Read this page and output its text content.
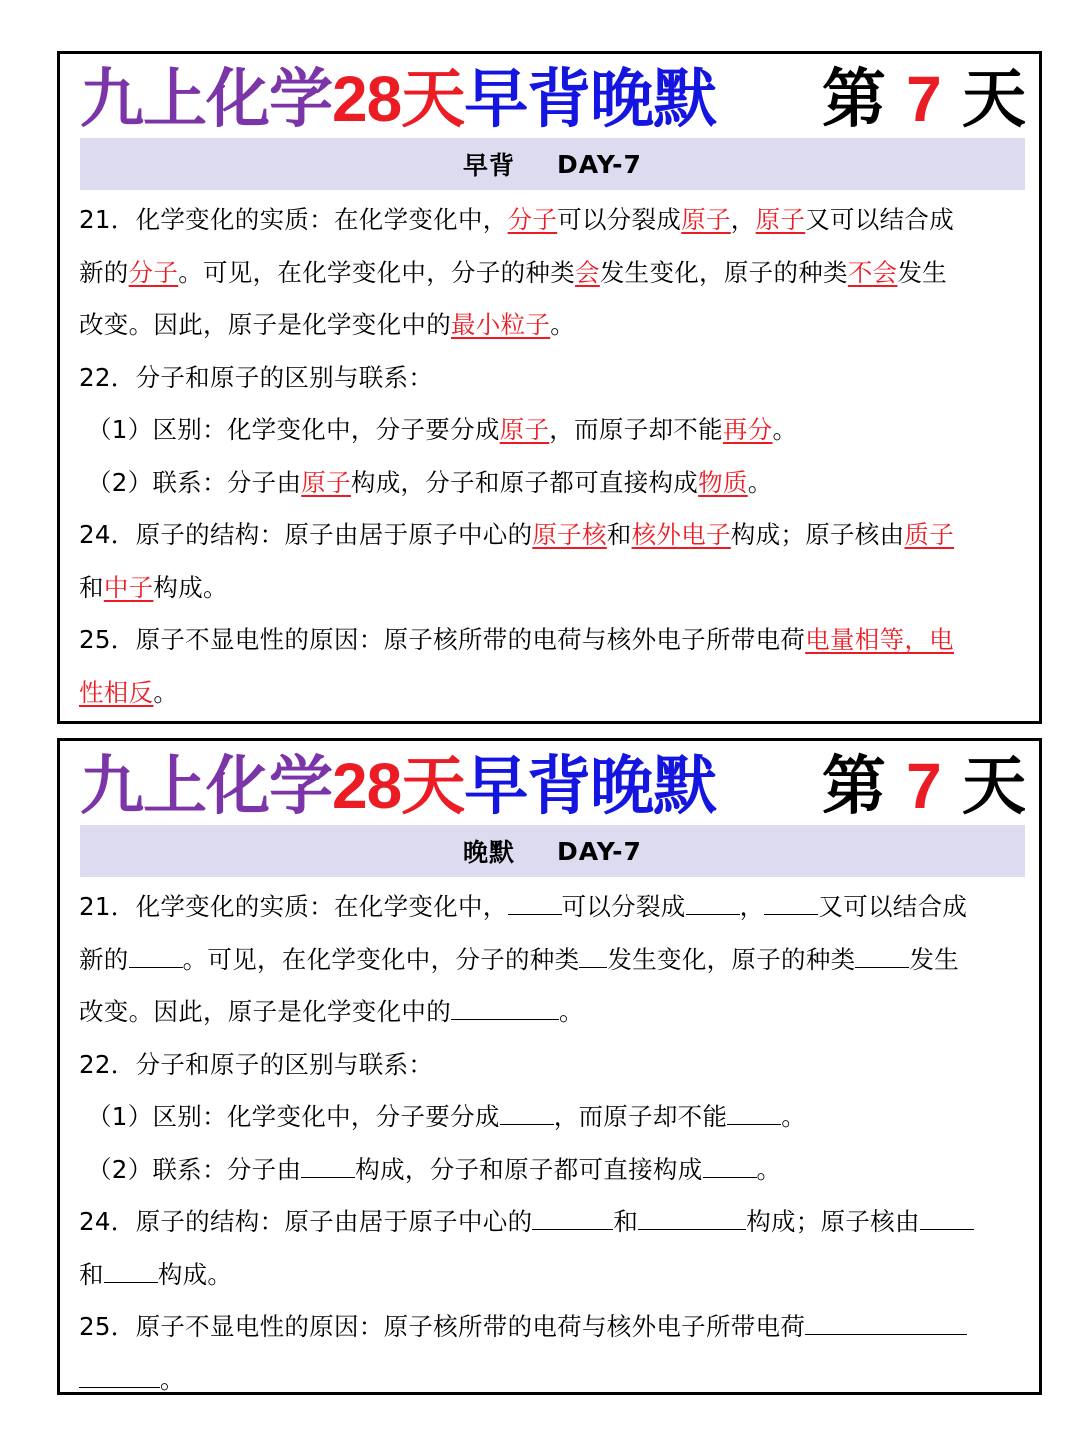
九上化学28天早背晚默 第 7 天
早背 DAY-7

21．化学变化的实质：在化学变化中，分子可以分裂成原子，原子又可以结合成

新的分子。可见，在化学变化中，分子的种类会发生变化，原子的种类不会发生

改变。因此，原子是化学变化中的最小粒子。

22．分子和原子的区别与联系：

（1）区别：化学变化中，分子要分成原子，而原子却不能再分。

（2）联系：分子由原子构成，分子和原子都可直接构成物质。

24．原子的结构：原子由居于原子中心的原子核和核外电子构成；原子核由质子

和中子构成。

25．原子不显电性的原因：原子核所带的电荷与核外电子所带电荷电量相等，电

性相反。

九上化学28天早背晚默 第 7 天
晚默 DAY-7

21．化学变化的实质：在化学变化中， 可以分裂成 ， 又可以结合成

新的 。可见，在化学变化中，分子的种类 发生变化，原子的种类 发生

改变。因此，原子是化学变化中的	。

22．分子和原子的区别与联系：

（1）区别：化学变化中，分子要分成 ，而原子却不能 。

（2）联系：分子由 构成，分子和原子都可直接构成 。

24．原子的结构：原子由居于原子中心的	和	构成；原子核由

和 构成。

25．原子不显电性的原因：原子核所带的电荷与核外电子所带电荷

。
